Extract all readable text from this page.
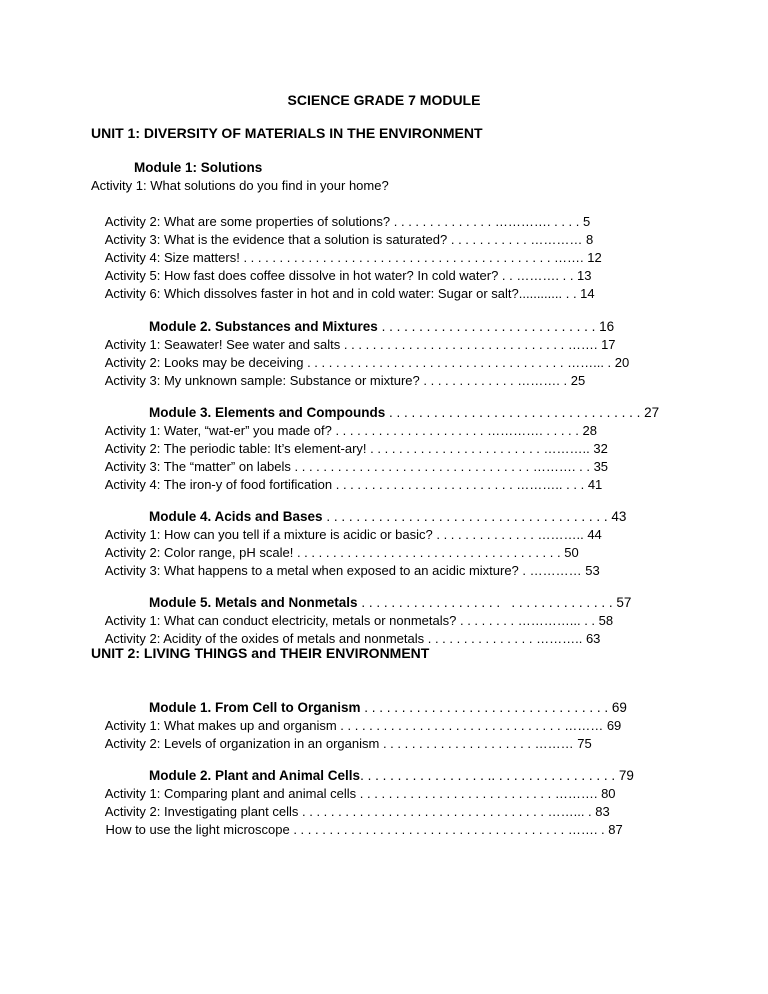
SCIENCE GRADE 7 MODULE
UNIT 1: DIVERSITY OF MATERIALS IN THE ENVIRONMENT
Module 1: Solutions
Activity 1: What solutions do you find in your home?

Activity 2: What are some properties of solutions? . . . . . . . . . . . . . . …………. . . . . 5

Activity 3: What is the evidence that a solution is saturated? . . . . . . . . . . . ………… 8

Activity 4: Size matters! . . . . . . . . . . . . . . . . . . . . . . . . . . . . . . . . . . . . . . . . . . . ……. 12

Activity 5: How fast does coffee dissolve in hot water? In cold water? . . ………. . . 13

Activity 6: Which dissolves faster in hot and in cold water: Sugar or salt?............ . . 14

Module 2. Substances and Mixtures . . . . . . . . . . . . . . . . . . . . . . . . . . . . . 16

Activity 1: Seawater! See water and salts . . . . . . . . . . . . . . . . . . . . . . . . . . . . . . . ……. 17

Activity 2: Looks may be deceiving . . . . . . . . . . . . . . . . . . . . . . . . . . . . . . . . . . . . ……... . 20

Activity 3: My unknown sample: Substance or mixture? . . . . . . . . . . . . . ………. . 25

Module 3. Elements and Compounds . . . . . . . . . . . . . . . . . . . . . . . . . . . . . . . . . . 27

Activity 1: Water, “wat-er” you made of? . . . . . . . . . . . . . . . . . . . . . …………. . . . . . 28

Activity 2: The periodic table: It’s element-ary! . . . . . . . . . . . . . . . . . . . . . . . . ……….. 32

Activity 3: The “matter” on labels . . . . . . . . . . . . . . . . . . . . . . . . . . . . . . . . . ………. . . 35

Activity 4: The iron-y of food fortification . . . . . . . . . . . . . . . . . . . . . . . . . ……….. . . . 41

Module 4. Acids and Bases . . . . . . . . . . . . . . . . . . . . . . . . . . . . . . . . . . . . . . 43

Activity 1: How can you tell if a mixture is acidic or basic? . . . . . . . . . . . . . . ……….. 44

Activity 2: Color range, pH scale! . . . . . . . . . . . . . . . . . . . . . . . . . . . . . . . . . . . . . 50

Activity 3: What happens to a metal when exposed to an acidic mixture? . ………… 53

Module 5. Metals and Nonmetals . . . . . . . . . . . . . . . . . . .   . . . . . . . . . . . . . . 57

Activity 1: What can conduct electricity, metals or nonmetals? . . . . . . . . …………... . . 58

Activity 2: Acidity of the oxides of metals and nonmetals . . . . . . . . . . . . . . . ……….. 63

UNIT 2: LIVING THINGS and THEIR ENVIRONMENT

Module 1. From Cell to Organism . . . . . . . . . . . . . . . . . . . . . . . . . . . . . . . . . 69

Activity 1: What makes up and organism . . . . . . . . . . . . . . . . . . . . . . . . . . . . . . . ……… 69

Activity 2: Levels of organization in an organism . . . . . . . . . . . . . . . . . . . . . ……… 75

Module 2. Plant and Animal Cells. . . . . . . . . . . . . . . . . .. . . . . . . . . . . . . . . . . 79

Activity 1: Comparing plant and animal cells . . . . . . . . . . . . . . . . . . . . . . . . . . . ………. 80

Activity 2: Investigating plant cells . . . . . . . . . . . . . . . . . . . . . . . . . . . . . . . . . . ……... . 83

How to use the light microscope . . . . . . . . . . . . . . . . . . . . . . . . . . . . . . . . . . . . . . ……. . 87
